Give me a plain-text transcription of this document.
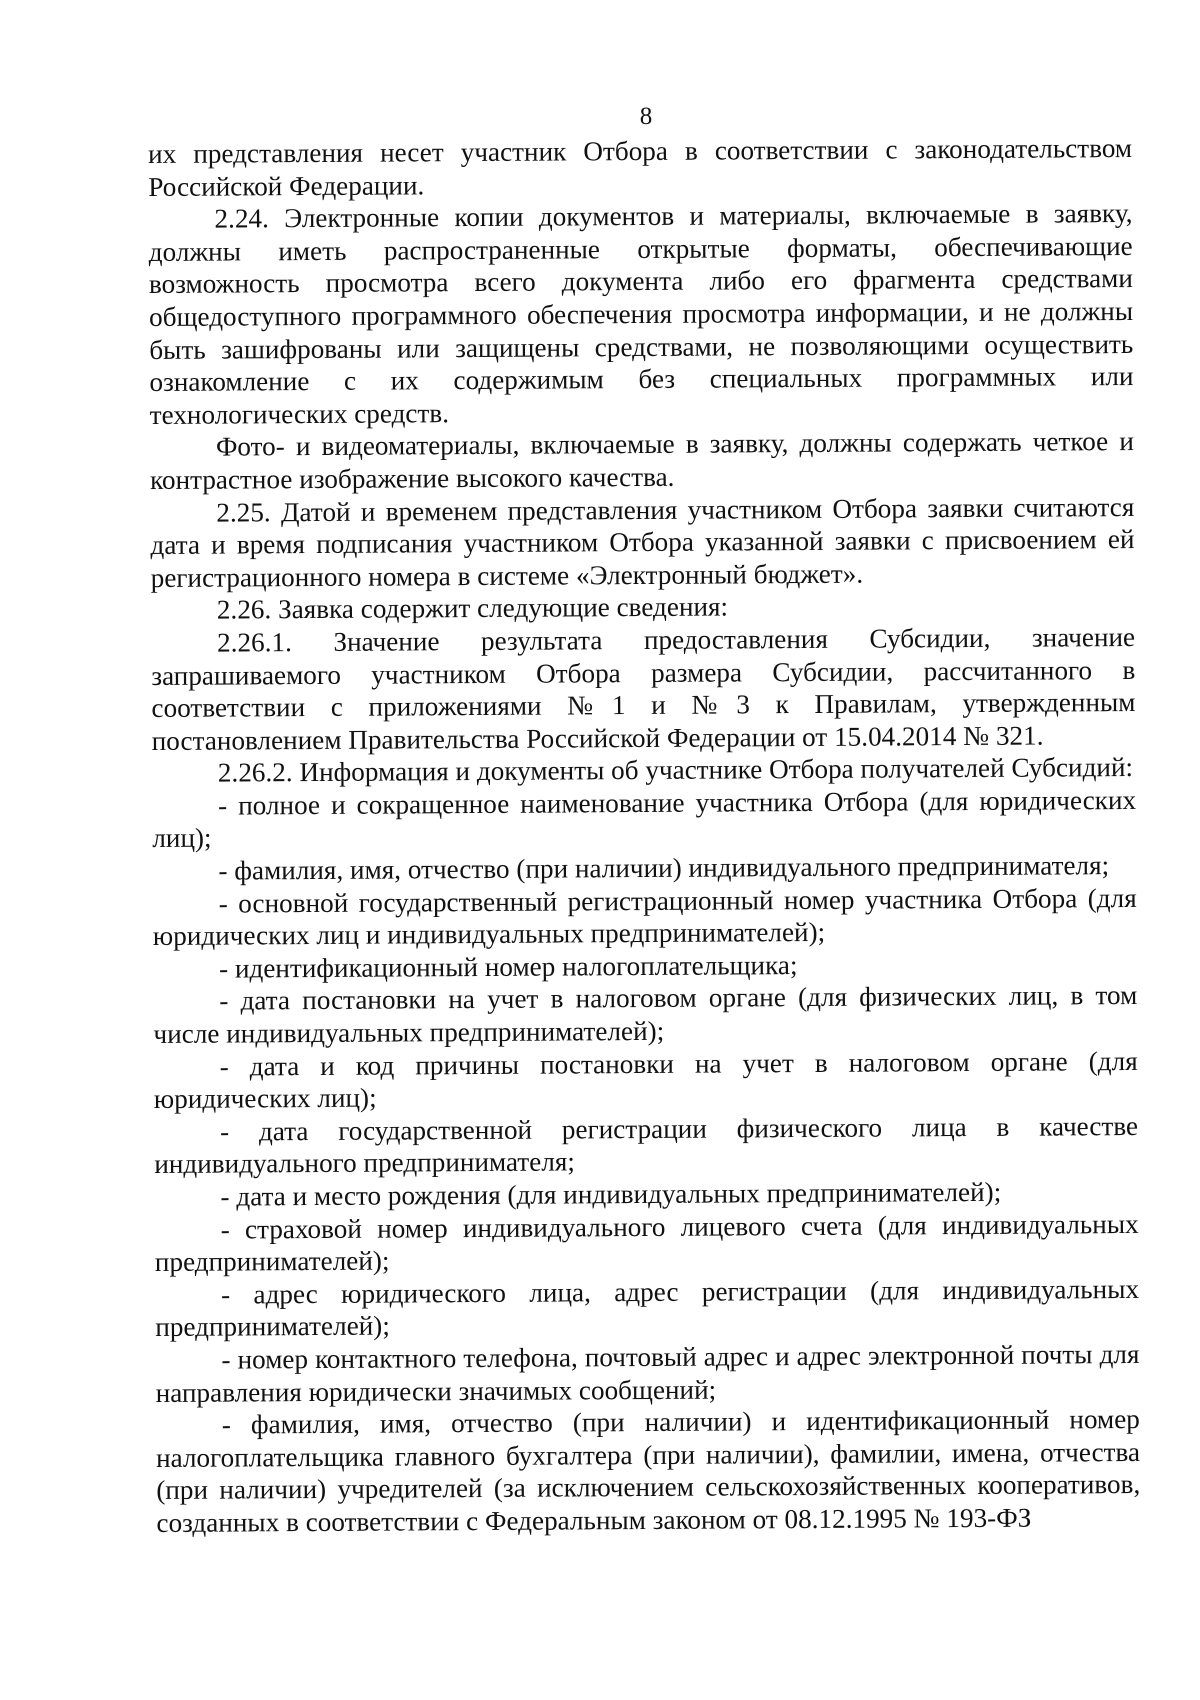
8

их представления несет участник Отбора в соответствии с законодательством Российской Федерации.

2.24. Электронные копии документов и материалы, включаемые в заявку, должны иметь распространенные открытые форматы, обеспечивающие возможность просмотра всего документа либо его фрагмента средствами общедоступного программного обеспечения просмотра информации, и не должны быть зашифрованы или защищены средствами, не позволяющими осуществить ознакомление с их содержимым без специальных программных или технологических средств.

Фото- и видеоматериалы, включаемые в заявку, должны содержать четкое и контрастное изображение высокого качества.

2.25. Датой и временем представления участником Отбора заявки считаются дата и время подписания участником Отбора указанной заявки с присвоением ей регистрационного номера в системе «Электронный бюджет».

2.26. Заявка содержит следующие сведения:

2.26.1. Значение результата предоставления Субсидии, значение запрашиваемого участником Отбора размера Субсидии, рассчитанного в соответствии с приложениями №1 и №3 к Правилам, утвержденным постановлением Правительства Российской Федерации от 15.04.2014 № 321.

2.26.2. Информация и документы об участнике Отбора получателей Субсидий:

- полное и сокращенное наименование участника Отбора (для юридических лиц);

- фамилия, имя, отчество (при наличии) индивидуального предпринимателя;

- основной государственный регистрационный номер участника Отбора (для юридических лиц и индивидуальных предпринимателей);

- идентификационный номер налогоплательщика;

- дата постановки на учет в налоговом органе (для физических лиц, в том числе индивидуальных предпринимателей);

- дата и код причины постановки на учет в налоговом органе (для юридических лиц);

- дата государственной регистрации физического лица в качестве индивидуального предпринимателя;

- дата и место рождения (для индивидуальных предпринимателей);

- страховой номер индивидуального лицевого счета (для индивидуальных предпринимателей);

- адрес юридического лица, адрес регистрации (для индивидуальных предпринимателей);

- номер контактного телефона, почтовый адрес и адрес электронной почты для направления юридически значимых сообщений;

- фамилия, имя, отчество (при наличии) и идентификационный номер налогоплательщика главного бухгалтера (при наличии), фамилии, имена, отчества (при наличии) учредителей (за исключением сельскохозяйственных кооперативов, созданных в соответствии с Федеральным законом от 08.12.1995 № 193-ФЗ
